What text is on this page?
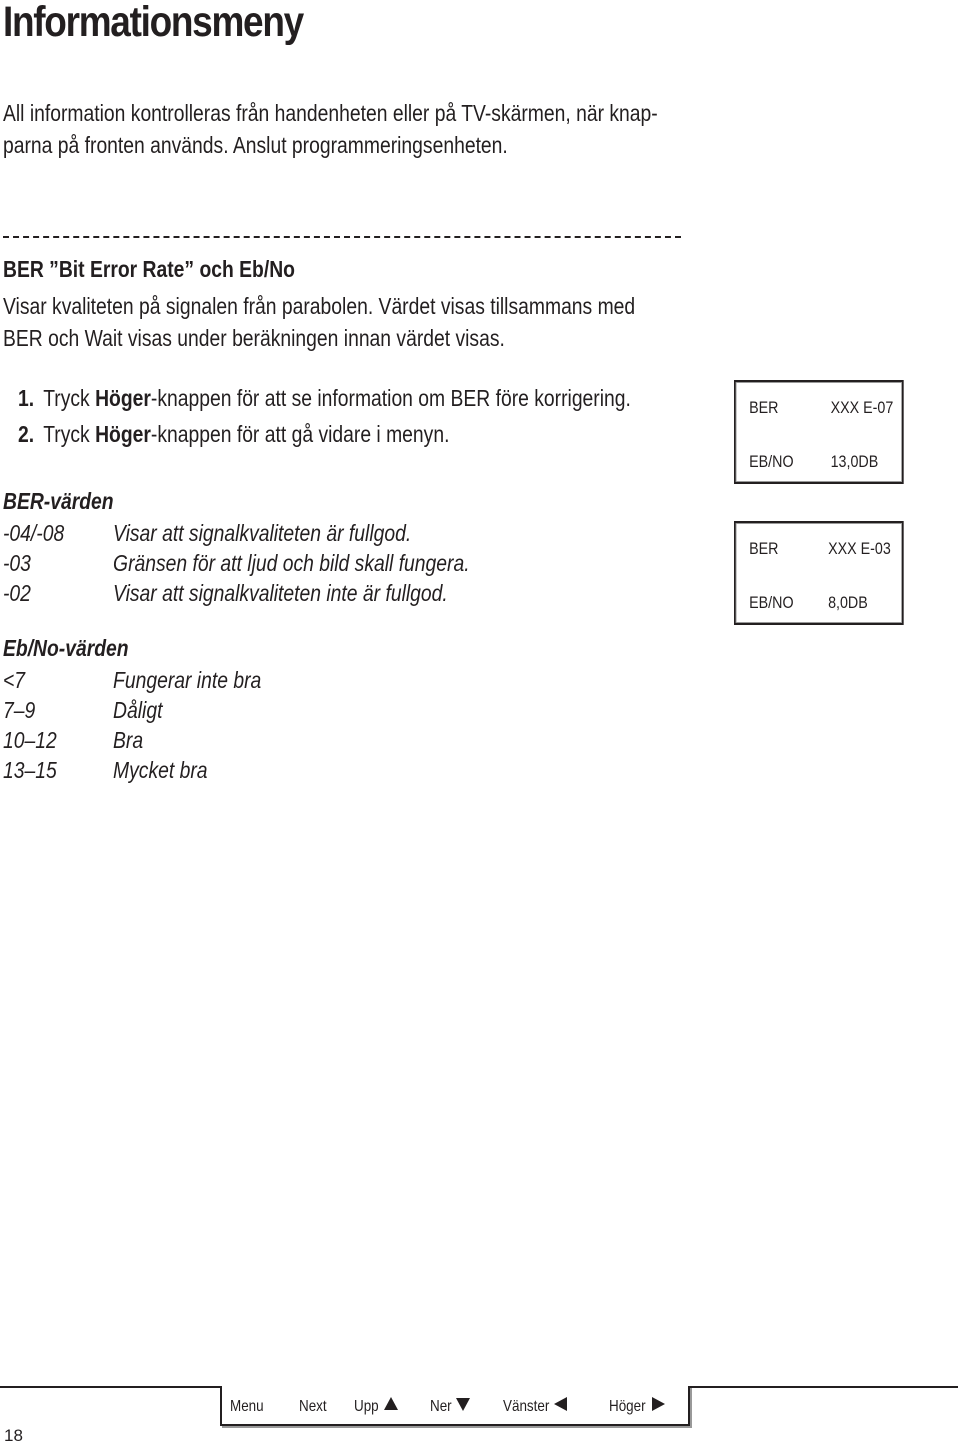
Informationsmeny
All information kontrolleras från handenheten eller på TV-skärmen, när knap-
parna på fronten används. Anslut programmeringsenheten.
BER ”Bit Error Rate” och Eb/No
Visar kvaliteten på signalen från parabolen. Värdet visas tillsammans med
BER och Wait visas under beräkningen innan värdet visas.
1. Tryck Höger-knappen för att se information om BER före korrigering.
2. Tryck Höger-knappen för att gå vidare i menyn.
BER-värden
-04/-08 Visar att signalkvaliteten är fullgod.
-03	Gränsen för att ljud och bild skall fungera.
-02	Visar att signalkvaliteten inte är fullgod.
Eb/No-värden
<7	Fungerar inte bra
7–9	Dåligt
10–12 Bra
13–15 Mycket bra
BER	XXX E-07
EB/NO 13,0DB
BER	XXX E-03
EB/NO 8,0DB
Menu Next Upp	Ner	Vänster	Höger
18
